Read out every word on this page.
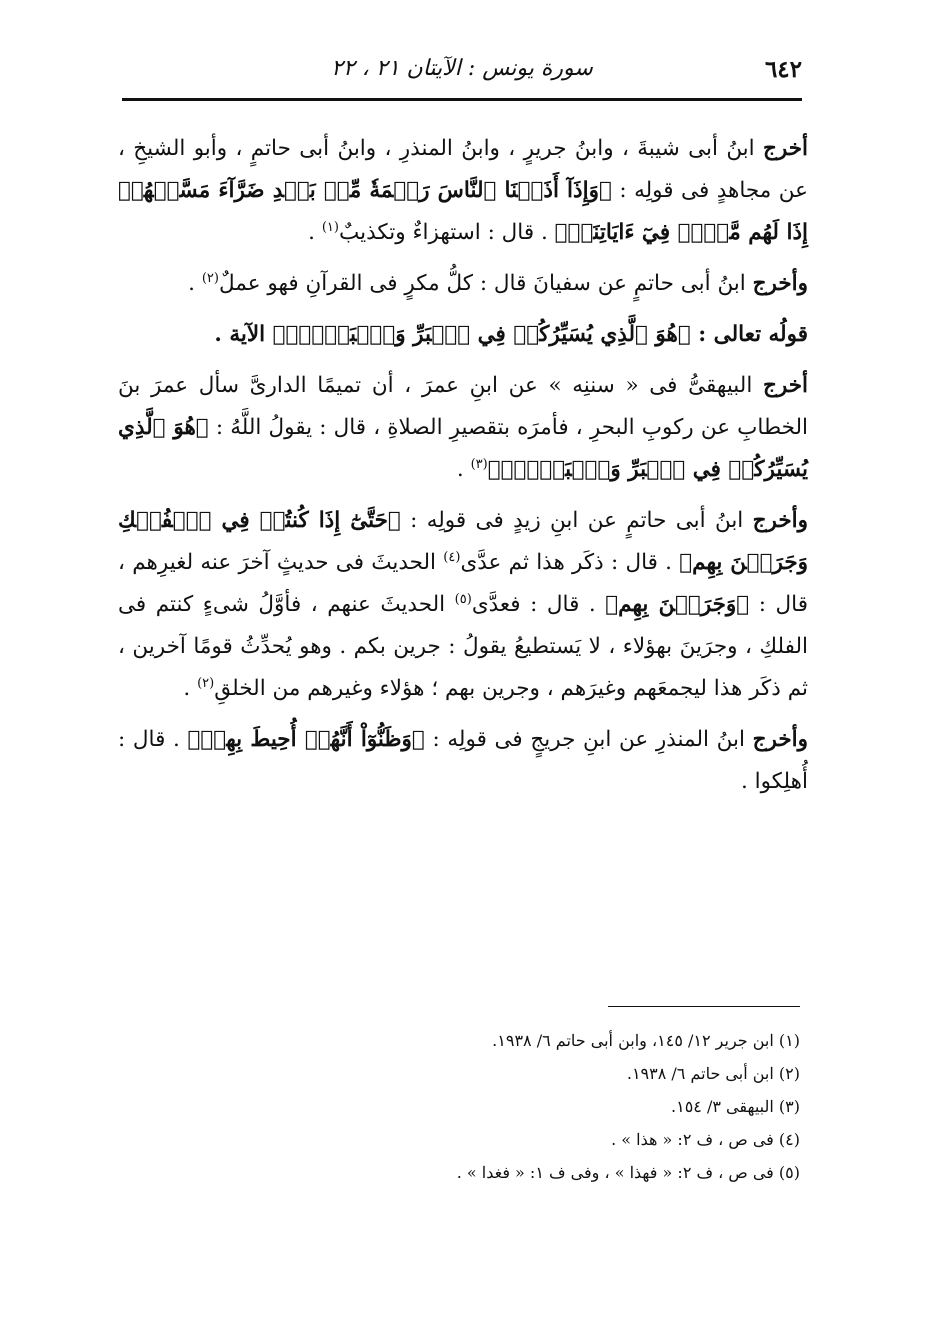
٦٤٢
سورة يونس : الآيتان ٢١ ، ٢٢

أخرج ابنُ أبى شيبةَ ، وابنُ جريرٍ ، وابنُ المنذرِ ، وابنُ أبى حاتمٍ ، وأبو الشيخِ ، عن مجاهدٍ فى قولِه : ﴿وَإِذَآ أَذَقۡنَا ٱلنَّاسَ رَحۡمَةٗ مِّنۢ بَعۡدِ ضَرَّآءَ مَسَّتۡهُمۡ إِذَا لَهُم مَّكۡرٞ فِيٓ ءَايَاتِنَاۚ﴾ . قال : استهزاءٌ وتكذيبٌ$^{(١)}$ .

وأخرج ابنُ أبى حاتمٍ عن سفيانَ قال : كلُّ مكرٍ فى القرآنِ فهو عملٌ$^{(٢)}$ .

قولُه تعالى : ﴿هُوَ ٱلَّذِي يُسَيِّرُكُمۡ فِي ٱلۡبَرِّ وَٱلۡبَحۡرِۖ﴾ الآية .

أخرج البيهقىُّ فى « سننِه » عن ابنِ عمرَ ، أن تميمًا الدارىَّ سأل عمرَ بنَ الخطابِ عن ركوبِ البحرِ ، فأمرَه بتقصيرِ الصلاةِ ، قال : يقولُ اللَّهُ : ﴿هُوَ ٱلَّذِي يُسَيِّرُكُمۡ فِي ٱلۡبَرِّ وَٱلۡبَحۡرِۖ﴾$^{(٣)}$ .

وأخرج ابنُ أبى حاتمٍ عن ابنِ زيدٍ فى قولِه : ﴿حَتَّىٰٓ إِذَا كُنتُمۡ فِي ٱلۡفُلۡكِ وَجَرَيۡنَ بِهِم﴾ . قال : ذكَر هذا ثم عدَّى$^{(٤)}$ الحديثَ فى حديثٍ آخرَ عنه لغيرِهم ، قال : ﴿وَجَرَيۡنَ بِهِم﴾ . قال : فعدَّى$^{(٥)}$ الحديثَ عنهم ، فأوَّلُ شىءٍ كنتم فى الفلكِ ، وجرَينَ بهؤلاء ، لا يَستطيعُ يقولُ : جرين بكم . وهو يُحدِّثُ قومًا آخرين ، ثم ذكَر هذا ليجمعَهم وغيرَهم ، وجرين بهم ؛ هؤلاء وغيرهم من الخلقِ$^{(٢)}$ .

وأخرج ابنُ المنذرِ عن ابنِ جريجٍ فى قولِه : ﴿وَظَنُّوٓاْ أَنَّهُمۡ أُحِيطَ بِهِمۡ﴾ . قال : أُهلِكوا .

(١) ابن جرير ١٢/ ١٤٥، وابن أبى حاتم ٦/ ١٩٣٨.

(٢) ابن أبى حاتم ٦/ ١٩٣٨.

(٣) البيهقى ٣/ ١٥٤.

(٤) فى ص ، ف ٢: « هذا » .

(٥) فى ص ، ف ٢: « فهذا » ، وفى ف ١: « فغدا » .
